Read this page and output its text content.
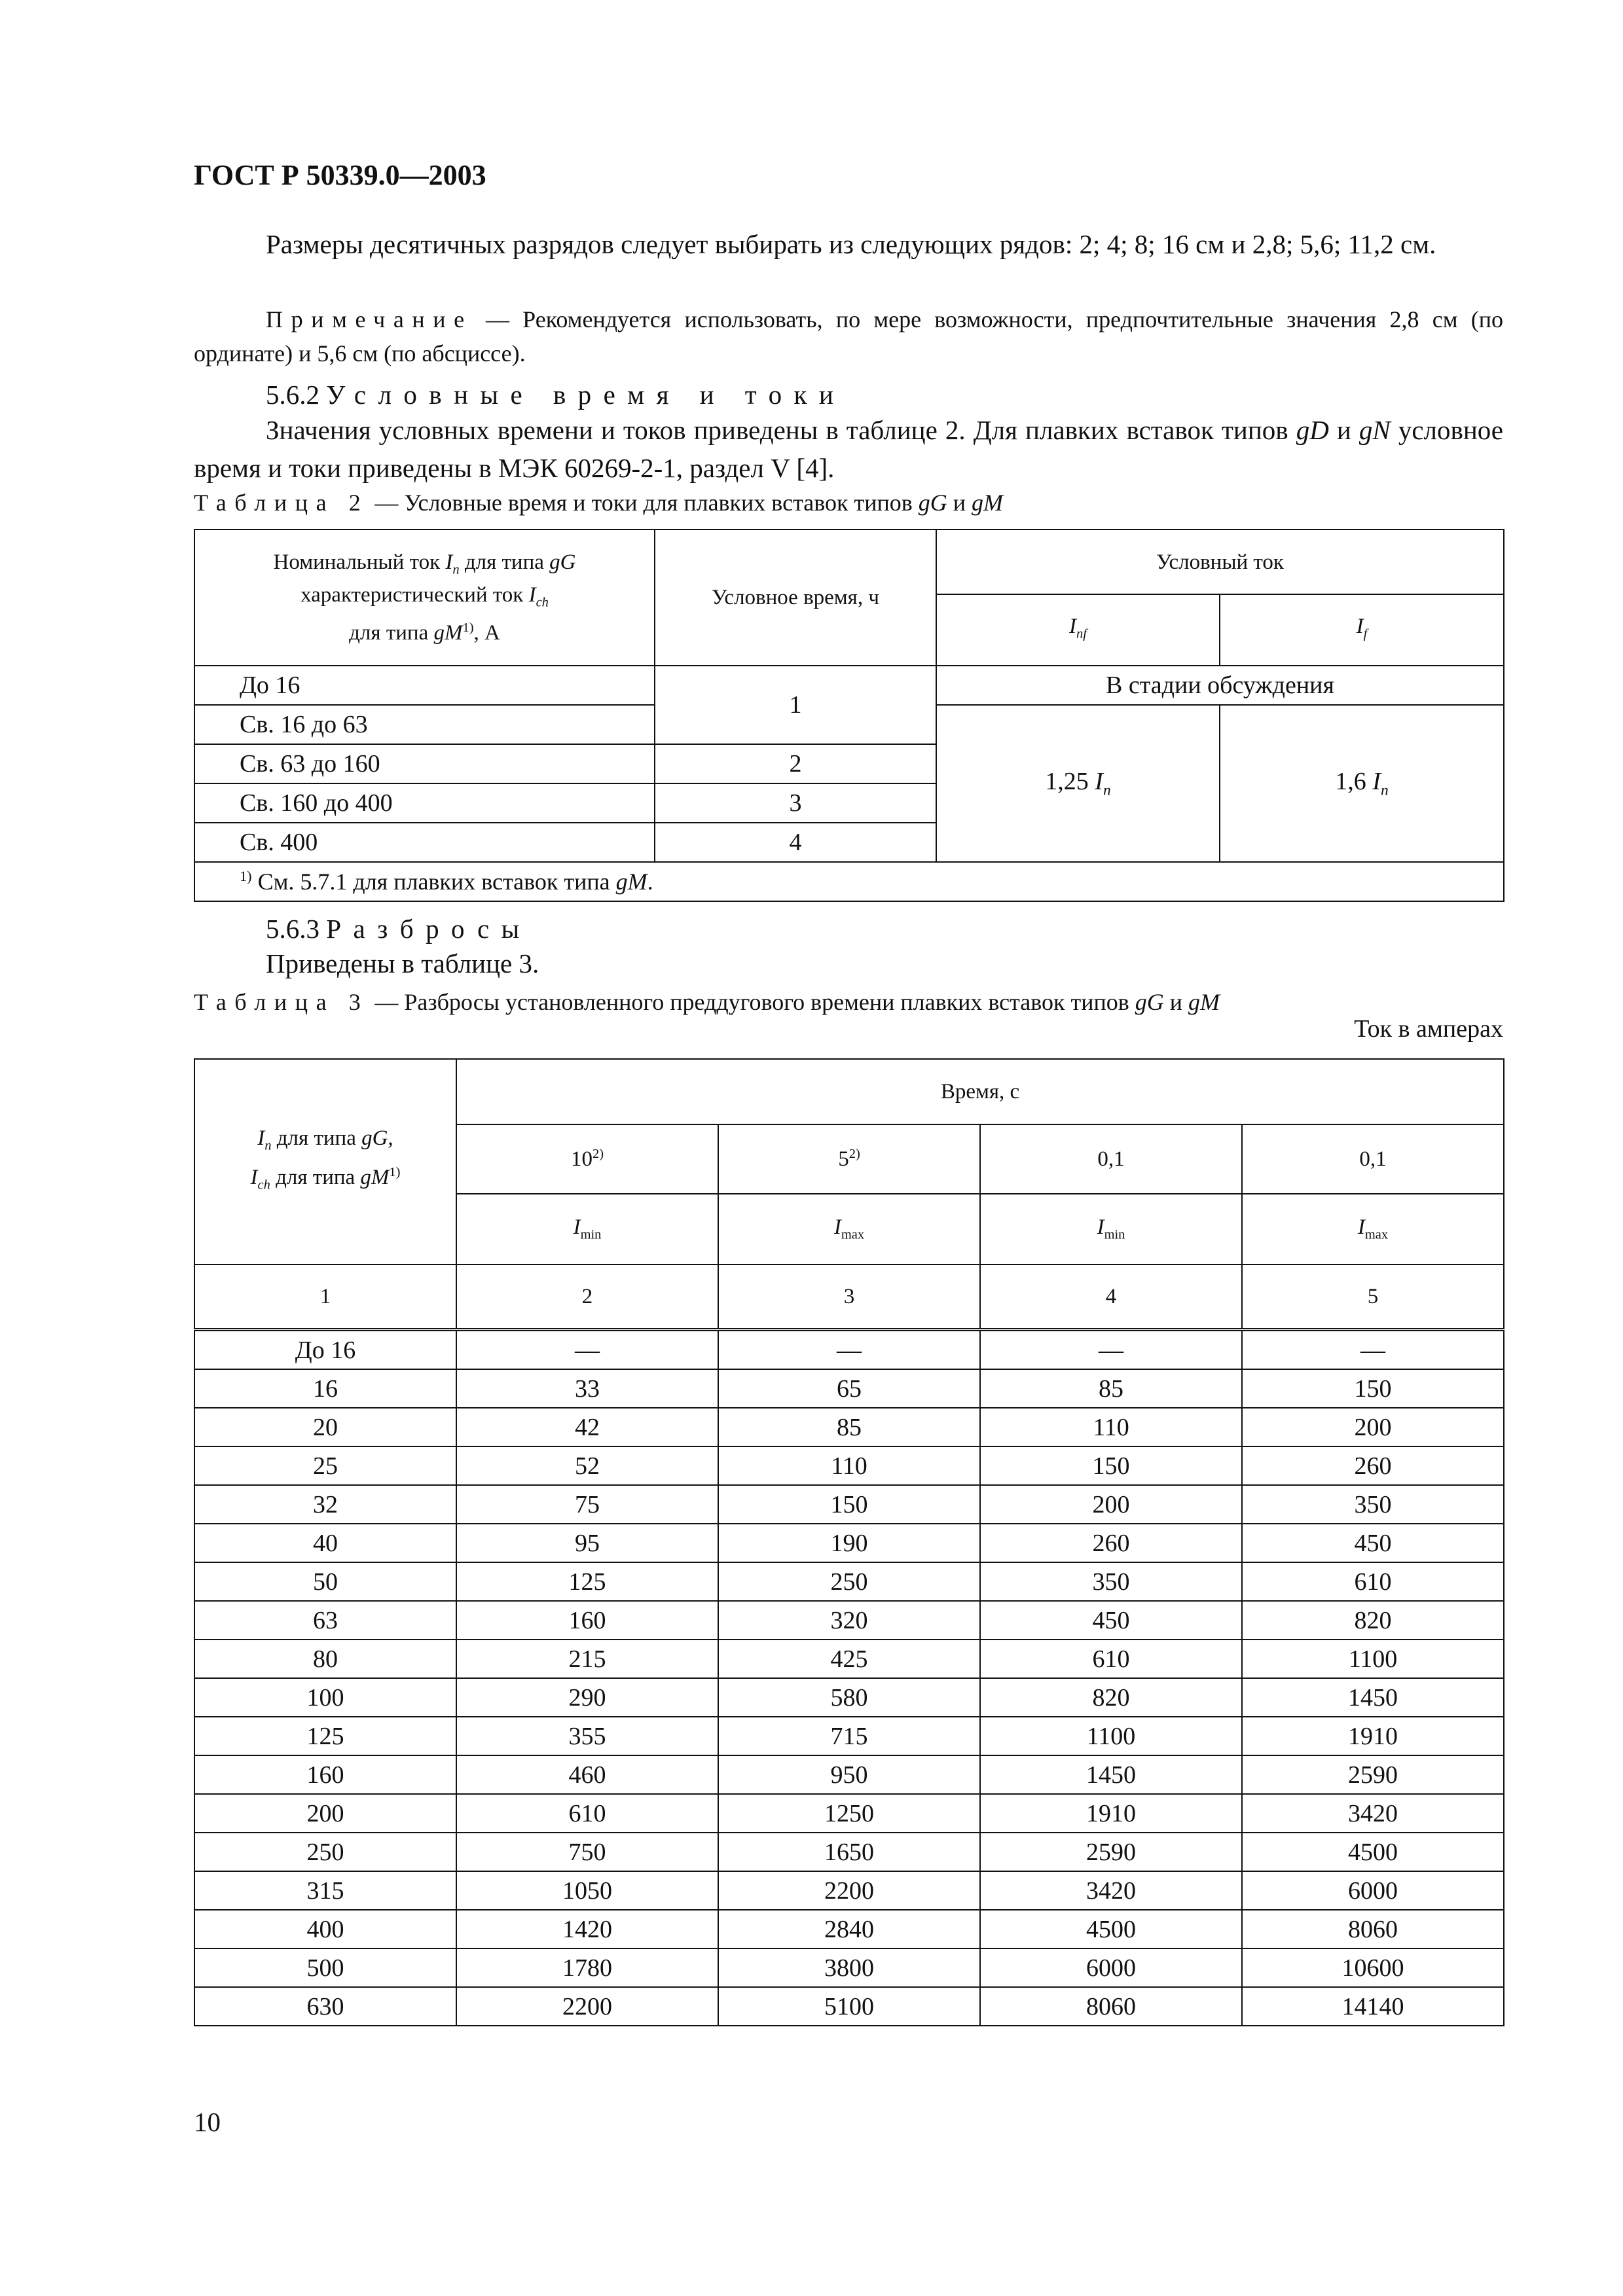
ГОСТ Р 50339.0—2003
Размеры десятичных разрядов следует выбирать из следующих рядов: 2; 4; 8; 16 см и 2,8; 5,6; 11,2 см.
Примечание — Рекомендуется использовать, по мере возможности, предпочтительные значения 2,8 см (по ординате) и 5,6 см (по абсциссе).
5.6.2 Условные время и токи
Значения условных времени и токов приведены в таблице 2. Для плавких вставок типов gD и gN условное время и токи приведены в МЭК 60269-2-1, раздел V [4].
Таблица 2 — Условные время и токи для плавких вставок типов gG и gM
Номинальный ток $I_n$ для типа gG
характеристический ток $I_{ch}$
для типа $gM^{1)}$, А	Условное время, ч	Условный ток	
		$I_{nf}$	$I_f$
До 16	1	В стадии обсуждения	
Св. 16 до 63		1,25 $I_n$	1,6 $I_n$
Св. 63 до 160	2		
Св. 160 до 400	3		
Св. 400	4		
$^{1)}$ См. 5.7.1 для плавких вставок типа gM.			
5.6.3 Разбросы
Приведены в таблице 3.
Таблица 3 — Разбросы установленного преддугового времени плавких вставок типов gG и gM
Ток в амперах
$I_n$ для типа gG,
$I_{ch}$ для типа $gM^{1)}$	Время, с			
	10$^{2)}$	5$^{2)}$	0,1	0,1
	$I_{min}$	$I_{max}$	$I_{min}$	$I_{max}$
1	2	3	4	5
До 16	—	—	—	—
16	33	65	85	150
20	42	85	110	200
25	52	110	150	260
32	75	150	200	350
40	95	190	260	450
50	125	250	350	610
63	160	320	450	820
80	215	425	610	1100
100	290	580	820	1450
125	355	715	1100	1910
160	460	950	1450	2590
200	610	1250	1910	3420
250	750	1650	2590	4500
315	1050	2200	3420	6000
400	1420	2840	4500	8060
500	1780	3800	6000	10600
630	2200	5100	8060	14140
10
